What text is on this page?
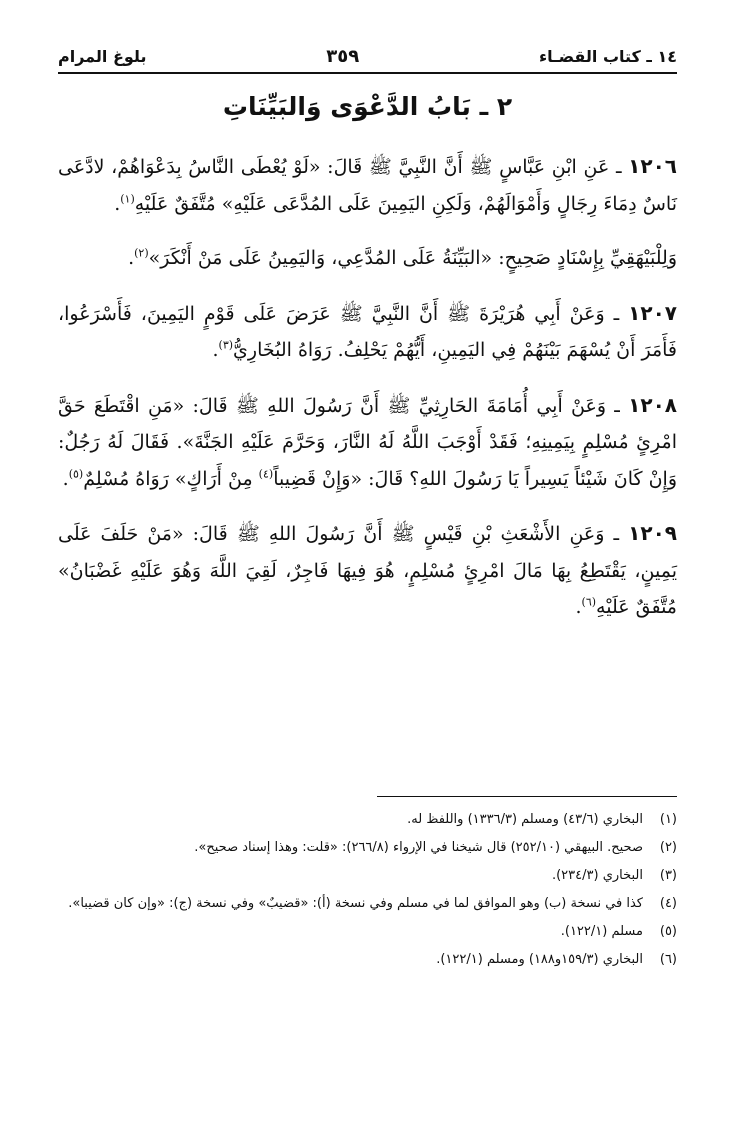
١٤ ـ كتاب القضـاء
٣٥٩
بلوغ المرام
٢ ـ بَابُ الدَّعْوَى وَالبَيِّنَاتِ

١٢٠٦ ـ عَنِ ابْنِ عَبَّاسٍ ﷺ أَنَّ النَّبِيَّ ﷺ قَالَ: «لَوْ يُعْطَى النَّاسُ بِدَعْوَاهُمْ، لادَّعَى نَاسٌ دِمَاءَ رِجَالٍ وَأَمْوَالَهُمْ، وَلَكِنِ اليَمِينَ عَلَى المُدَّعَى عَلَيْهِ» مُتَّفَقٌ عَلَيْهِ$^{(١)}$.

وَلِلْبَيْهَقِيِّ بِإِسْنَادٍ صَحِيحٍ: «البَيِّنَةُ عَلَى المُدَّعِي، وَاليَمِينُ عَلَى مَنْ أَنْكَرَ»$^{(٢)}$.

١٢٠٧ ـ وَعَنْ أَبِي هُرَيْرَةَ ﷺ أَنَّ النَّبِيَّ ﷺ عَرَضَ عَلَى قَوْمٍ اليَمِينَ، فَأَسْرَعُوا، فَأَمَرَ أَنْ يُسْهَمَ بَيْنَهُمْ فِي اليَمِينِ، أَيُّهُمْ يَحْلِفُ. رَوَاهُ البُخَارِيُّ$^{(٣)}$.

١٢٠٨ ـ وَعَنْ أَبِي أُمَامَةَ الحَارِثِيِّ ﷺ أَنَّ رَسُولَ اللهِ ﷺ قَالَ: «مَنِ اقْتَطَعَ حَقَّ امْرِئٍ مُسْلِمٍ بِيَمِينِهِ؛ فَقَدْ أَوْجَبَ اللَّهُ لَهُ النَّارَ، وَحَرَّمَ عَلَيْهِ الجَنَّةَ». فَقَالَ لَهُ رَجُلٌ: وَإِنْ كَانَ شَيْئاً يَسِيراً يَا رَسُولَ اللهِ؟ قَالَ: «وَإِنْ قَضِيباً$^{(٤)}$ مِنْ أَرَاكٍ» رَوَاهُ مُسْلِمٌ$^{(٥)}$.

١٢٠٩ ـ وَعَنِ الأَشْعَثِ بْنِ قَيْسٍ ﷺ أَنَّ رَسُولَ اللهِ ﷺ قَالَ: «مَنْ حَلَفَ عَلَى يَمِينٍ، يَقْتَطِعُ بِهَا مَالَ امْرِئٍ مُسْلِمٍ، هُوَ فِيهَا فَاجِرٌ، لَقِيَ اللَّهَ وَهُوَ عَلَيْهِ غَضْبَانُ» مُتَّفَقٌ عَلَيْهِ$^{(٦)}$.

(١)
البخاري (٤٣/٦) ومسلم (١٣٣٦/٣) واللفظ له.
(٢)
صحيح. البيهقي (٢٥٢/١٠) قال شيخنا في الإرواء (٢٦٦/٨): «قلت: وهذا إسناد صحيح».
(٣)
البخاري (٢٣٤/٣).
(٤)
كذا في نسخة (ب) وهو الموافق لما في مسلم وفي نسخة (أ): «قضيبٌ» وفي نسخة (ج): «وإن كان قضيبا».
(٥)
مسلم (١٢٢/١).
(٦)
البخاري (١٥٩/٣و١٨٨) ومسلم (١٢٢/١).
